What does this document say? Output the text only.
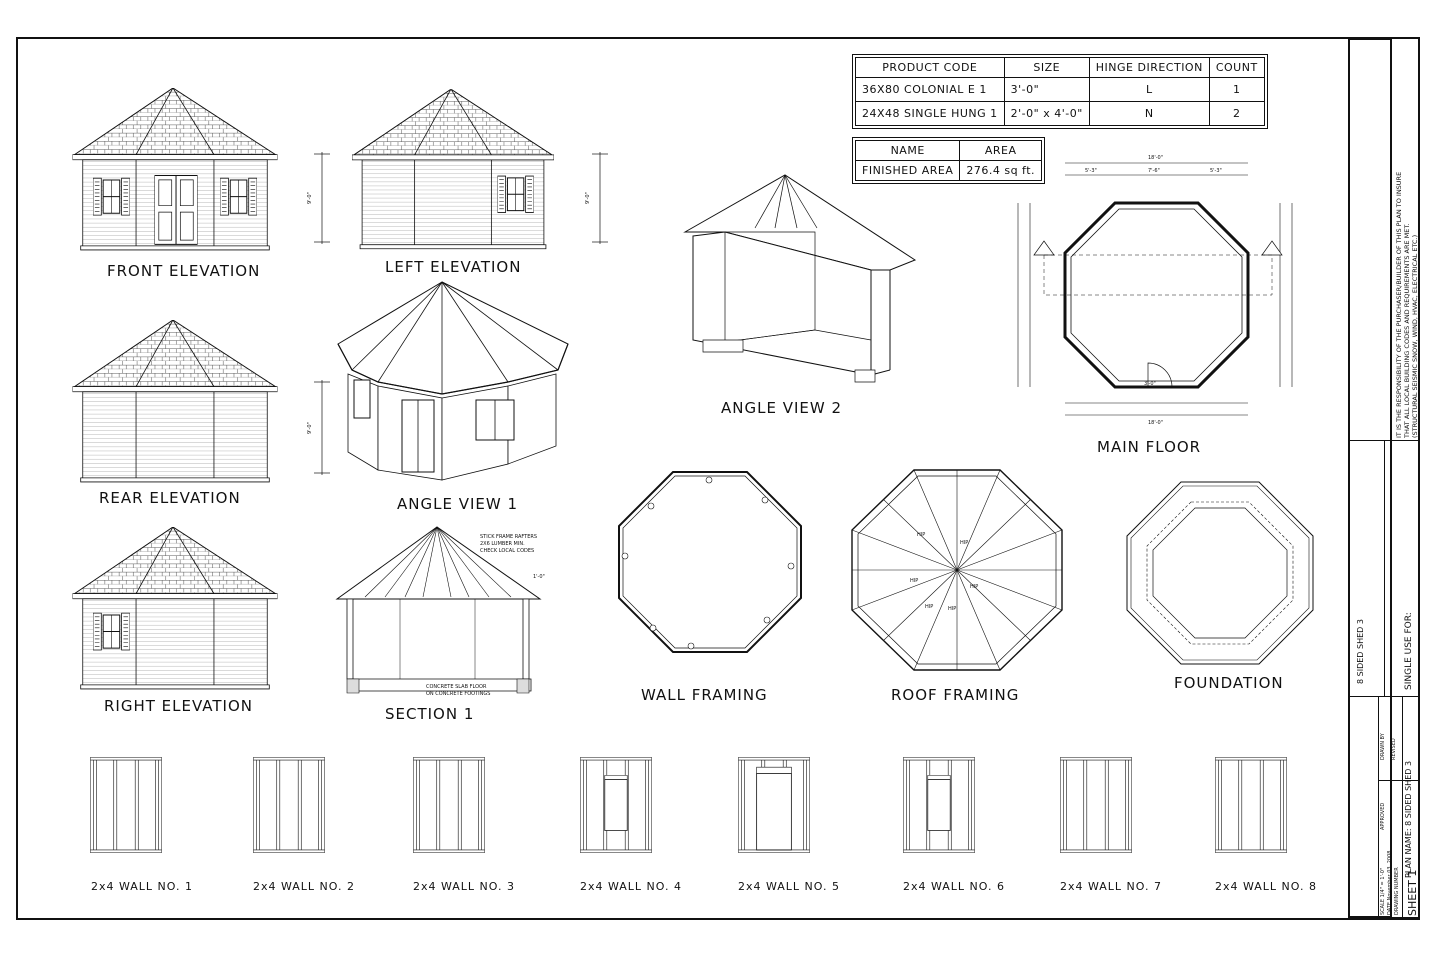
PRODUCT CODE	SIZE	HINGE DIRECTION	COUNT
36X80 COLONIAL E 1	3'-0"	L	1
24X48 SINGLE HUNG 1	2'-0" x 4'-0"	N	2
NAME	AREA
FINISHED AREA	276.4 sq ft.
FRONT ELEVATION
9'-0"	9'-0"
LEFT ELEVATION
REAR ELEVATION
RIGHT ELEVATION
9'-0"
ANGLE VIEW 1
ANGLE VIEW 2
18'-0"
5'-3"	7'-6"	5'-3"
3'-0"
18'-0"
MAIN FLOOR
STICK FRAME RAFTERS
2X6 LUMBER MIN.
CHECK LOCAL CODES
1'-0"
CONCRETE SLAB FLOOR
ON CONCRETE FOOTINGS
SECTION 1
WALL FRAMING
HIP
HIP
HIP
HIP
HIP	HIP
ROOF FRAMING
FOUNDATION
2x4 WALL NO. 1	2x4 WALL NO. 2	2x4 WALL NO. 3	2x4 WALL NO. 4	2x4 WALL NO. 5	2x4 WALL NO. 6	2x4 WALL NO. 7	2x4 WALL NO. 8
IT IS THE RESPONSIBILITY OF THE PURCHASER/BUILDER OF THIS PLAN TO INSURE THAT ALL LOCAL BUILDING CODES AND REQUIREMENTS ARE MET. (STRUCTURAL SEISMIC SNOW, WIND, HVAC, ELECTRICAL ETC.)
8 SIDED SHED 3	SINGLE USE FOR:
DRAWN BY REVISED
APPROVED
SCALE 1/4" = 1'-0" DATE November 03, 2008 DRAWING NUMBER
PLAN NAME: 8 SIDED SHED 3
SHEET 1
